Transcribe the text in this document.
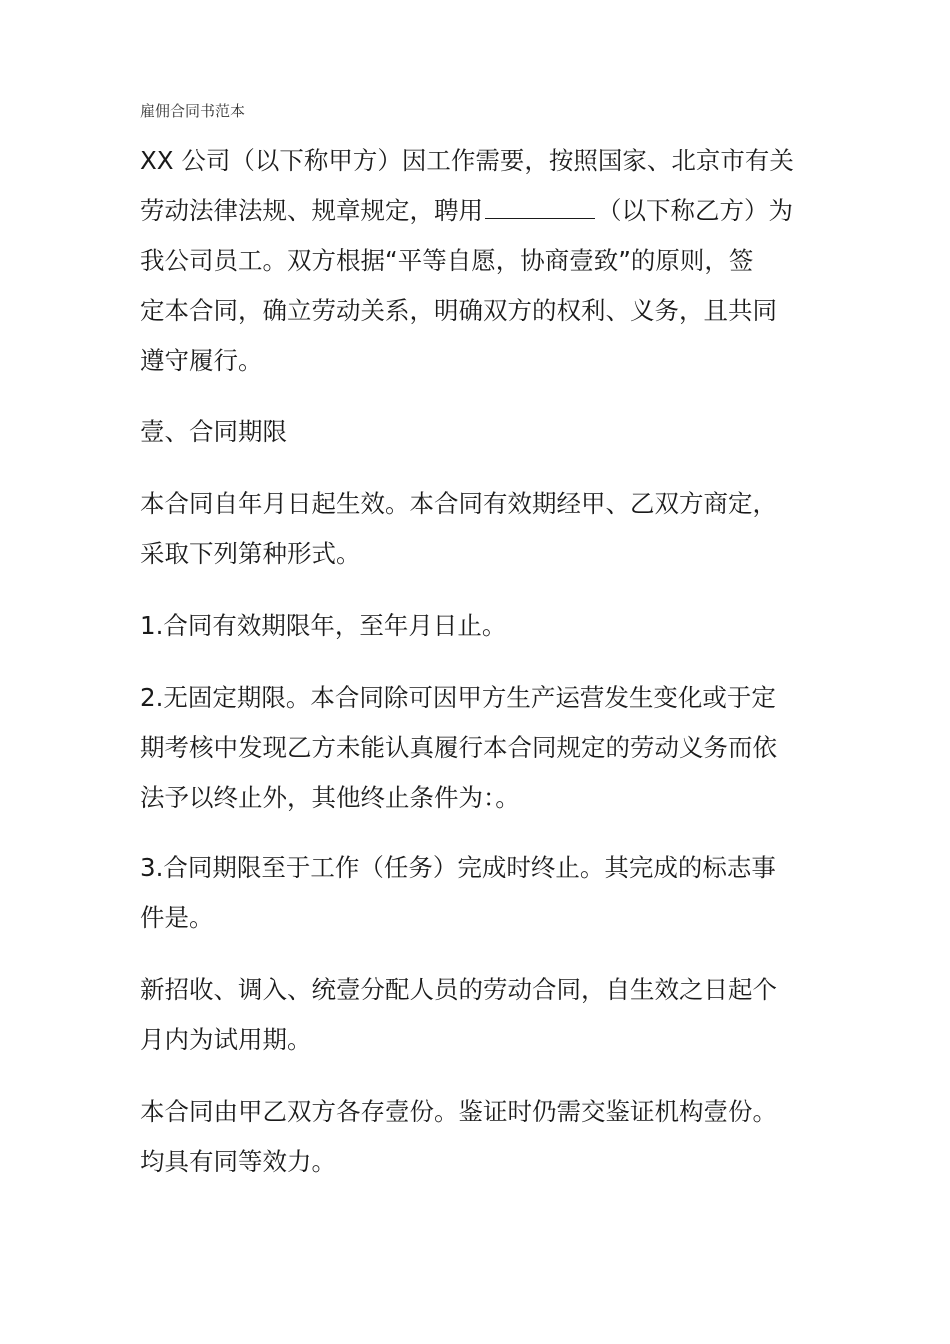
雇佣合同书范本
XX 公司（以下称甲方）因工作需要，按照国家、北京市有关
劳动法律法规、规章规定，聘用	（以下称乙方）为
我公司员工。双方根据“平等自愿，协商壹致”的原则，签
定本合同，确立劳动关系，明确双方的权利、义务，且共同
遵守履行。
壹、合同期限
本合同自年月日起生效。本合同有效期经甲、乙双方商定，
采取下列第种形式。
1.合同有效期限年，至年月日止。
2.无固定期限。本合同除可因甲方生产运营发生变化或于定
期考核中发现乙方未能认真履行本合同规定的劳动义务而依
法予以终止外，其他终止条件为：。
3.合同期限至于工作（任务）完成时终止。其完成的标志事
件是。
新招收、调入、统壹分配人员的劳动合同，自生效之日起个
月内为试用期。
本合同由甲乙双方各存壹份。鉴证时仍需交鉴证机构壹份。
均具有同等效力。
